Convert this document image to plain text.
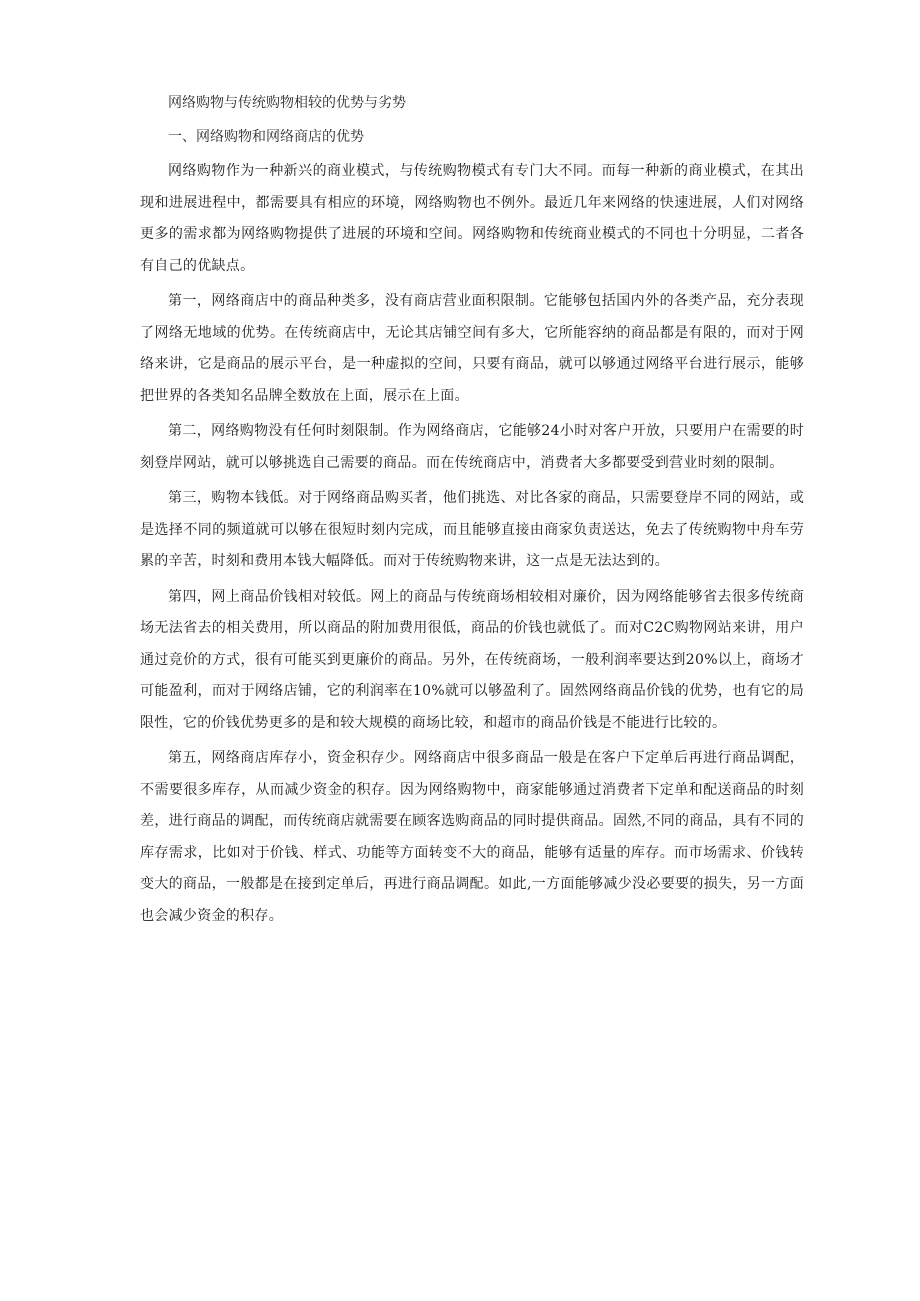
网络购物与传统购物相较的优势与劣势
一、网络购物和网络商店的优势

网络购物作为一种新兴的商业模式，与传统购物模式有专门大不同。而每一种新的商业模式，在其出现和进展进程中，都需要具有相应的环境，网络购物也不例外。最近几年来网络的快速进展，人们对网络更多的需求都为网络购物提供了进展的环境和空间。网络购物和传统商业模式的不同也十分明显，二者各有自己的优缺点。

第一，网络商店中的商品种类多，没有商店营业面积限制。它能够包括国内外的各类产品，充分表现了网络无地域的优势。在传统商店中，无论其店铺空间有多大，它所能容纳的商品都是有限的，而对于网络来讲，它是商品的展示平台，是一种虚拟的空间，只要有商品，就可以够通过网络平台进行展示，能够把世界的各类知名品牌全数放在上面，展示在上面。

第二，网络购物没有任何时刻限制。作为网络商店，它能够24小时对客户开放，只要用户在需要的时刻登岸网站，就可以够挑选自己需要的商品。而在传统商店中，消费者大多都要受到营业时刻的限制。

第三，购物本钱低。对于网络商品购买者，他们挑选、对比各家的商品，只需要登岸不同的网站，或是选择不同的频道就可以够在很短时刻内完成，而且能够直接由商家负责送达，免去了传统购物中舟车劳累的辛苦，时刻和费用本钱大幅降低。而对于传统购物来讲，这一点是无法达到的。

第四，网上商品价钱相对较低。网上的商品与传统商场相较相对廉价，因为网络能够省去很多传统商场无法省去的相关费用，所以商品的附加费用很低，商品的价钱也就低了。而对C2C购物网站来讲，用户通过竞价的方式，很有可能买到更廉价的商品。另外，在传统商场，一般利润率要达到20%以上，商场才可能盈利，而对于网络店铺，它的利润率在10%就可以够盈利了。固然网络商品价钱的优势，也有它的局限性，它的价钱优势更多的是和较大规模的商场比较，和超市的商品价钱是不能进行比较的。

第五，网络商店库存小，资金积存少。网络商店中很多商品一般是在客户下定单后再进行商品调配，不需要很多库存，从而减少资金的积存。因为网络购物中，商家能够通过消费者下定单和配送商品的时刻差，进行商品的调配，而传统商店就需要在顾客选购商品的同时提供商品。固然,不同的商品，具有不同的库存需求，比如对于价钱、样式、功能等方面转变不大的商品，能够有适量的库存。而市场需求、价钱转变大的商品，一般都是在接到定单后，再进行商品调配。如此,一方面能够减少没必要要的损失，另一方面也会减少资金的积存。
